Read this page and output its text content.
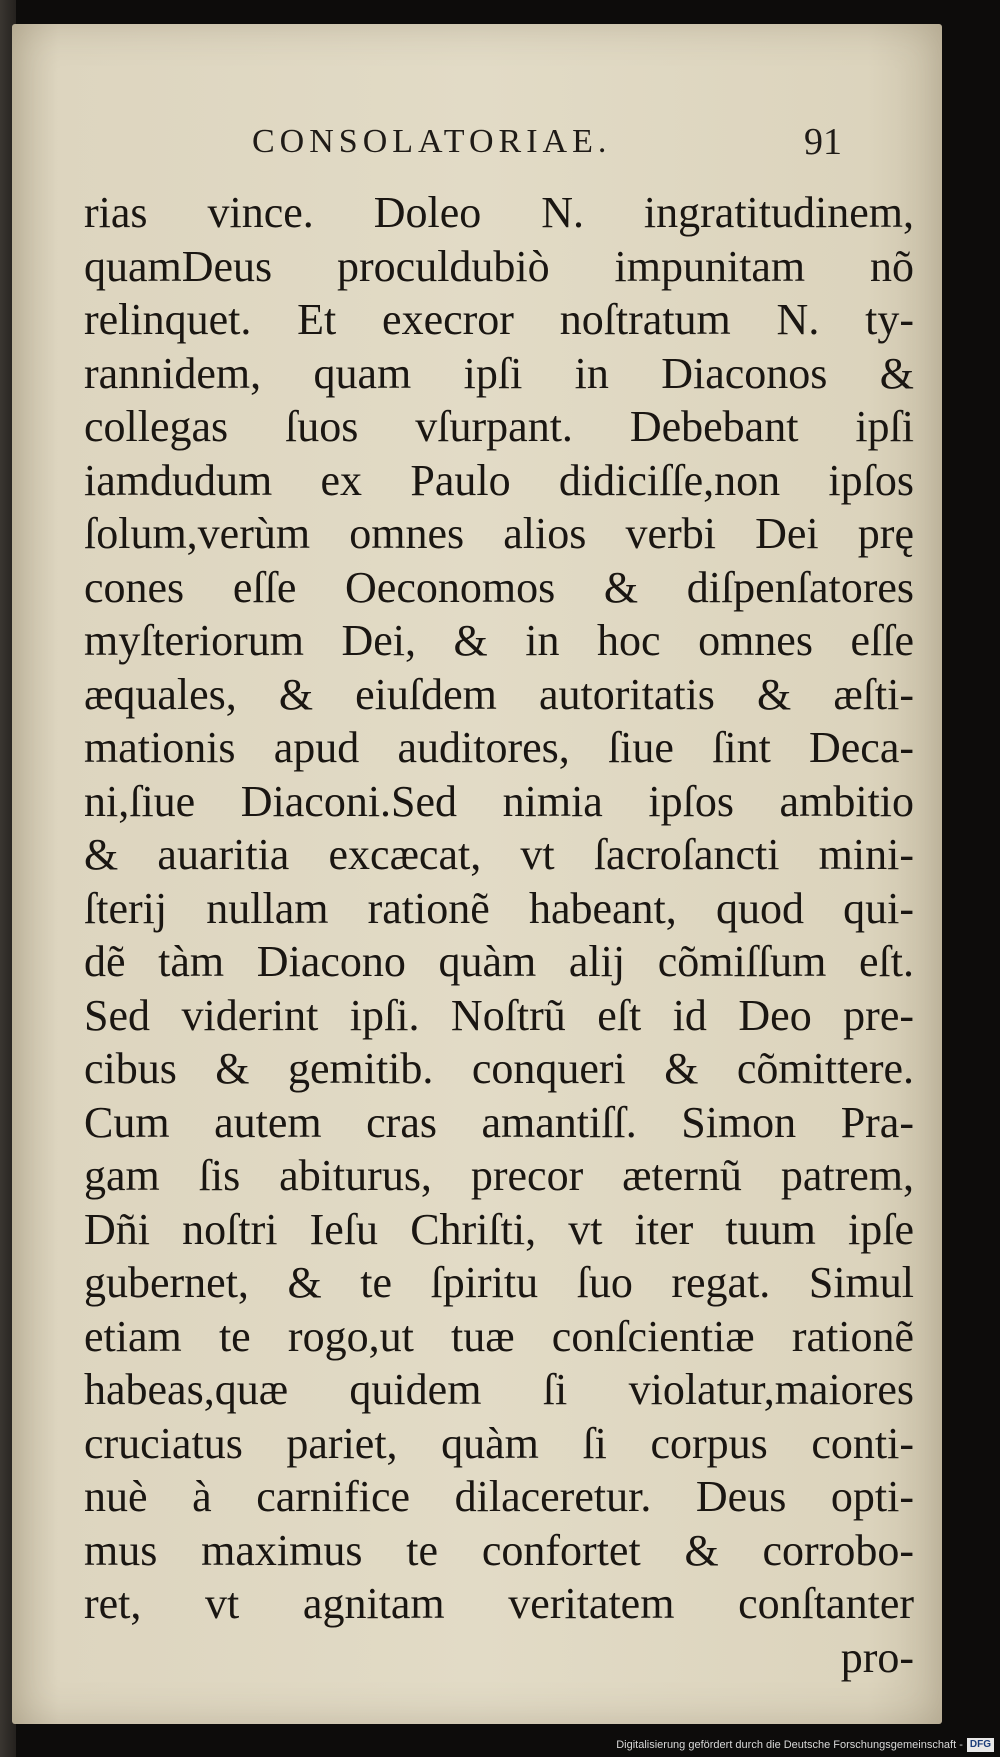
CONSOLATORIAE.	91
rias vince. Doleo N. ingratitudinem,
quamDeus proculdubiò impunitam nõ
relinquet. Et execror noſtratum N. ty-
rannidem, quam ipſi in Diaconos &
collegas ſuos vſurpant. Debebant ipſi
iamdudum ex Paulo didiciſſe,non ipſos
ſolum,verùm omnes alios verbi Dei prę
cones eſſe Oeconomos & diſpenſatores
myſteriorum Dei, & in hoc omnes eſſe
æquales, & eiuſdem autoritatis & æſti-
mationis apud auditores, ſiue ſint Deca-
ni,ſiue Diaconi.Sed nimia ipſos ambitio
& auaritia excæcat, vt ſacroſancti mini-
ſterij nullam rationẽ habeant, quod qui-
dẽ tàm Diacono quàm alij cõmiſſum eſt.
Sed viderint ipſi. Noſtrũ eſt id Deo pre-
cibus & gemitib. conqueri & cõmittere.
Cum autem cras amantiſſ. Simon Pra-
gam ſis abiturus, precor æternũ patrem,
Dñi noſtri Ieſu Chriſti, vt iter tuum ipſe
gubernet, & te ſpiritu ſuo regat. Simul
etiam te rogo,ut tuæ conſcientiæ rationẽ
habeas,quæ quidem ſi violatur,maiores
cruciatus pariet, quàm ſi corpus conti-
nuè à carnifice dilaceretur. Deus opti-
mus maximus te confortet & corrobo-
ret, vt agnitam veritatem conſtanter
pro-
Digitalisierung gefördert durch die Deutsche Forschungsgemeinschaft - DFG
